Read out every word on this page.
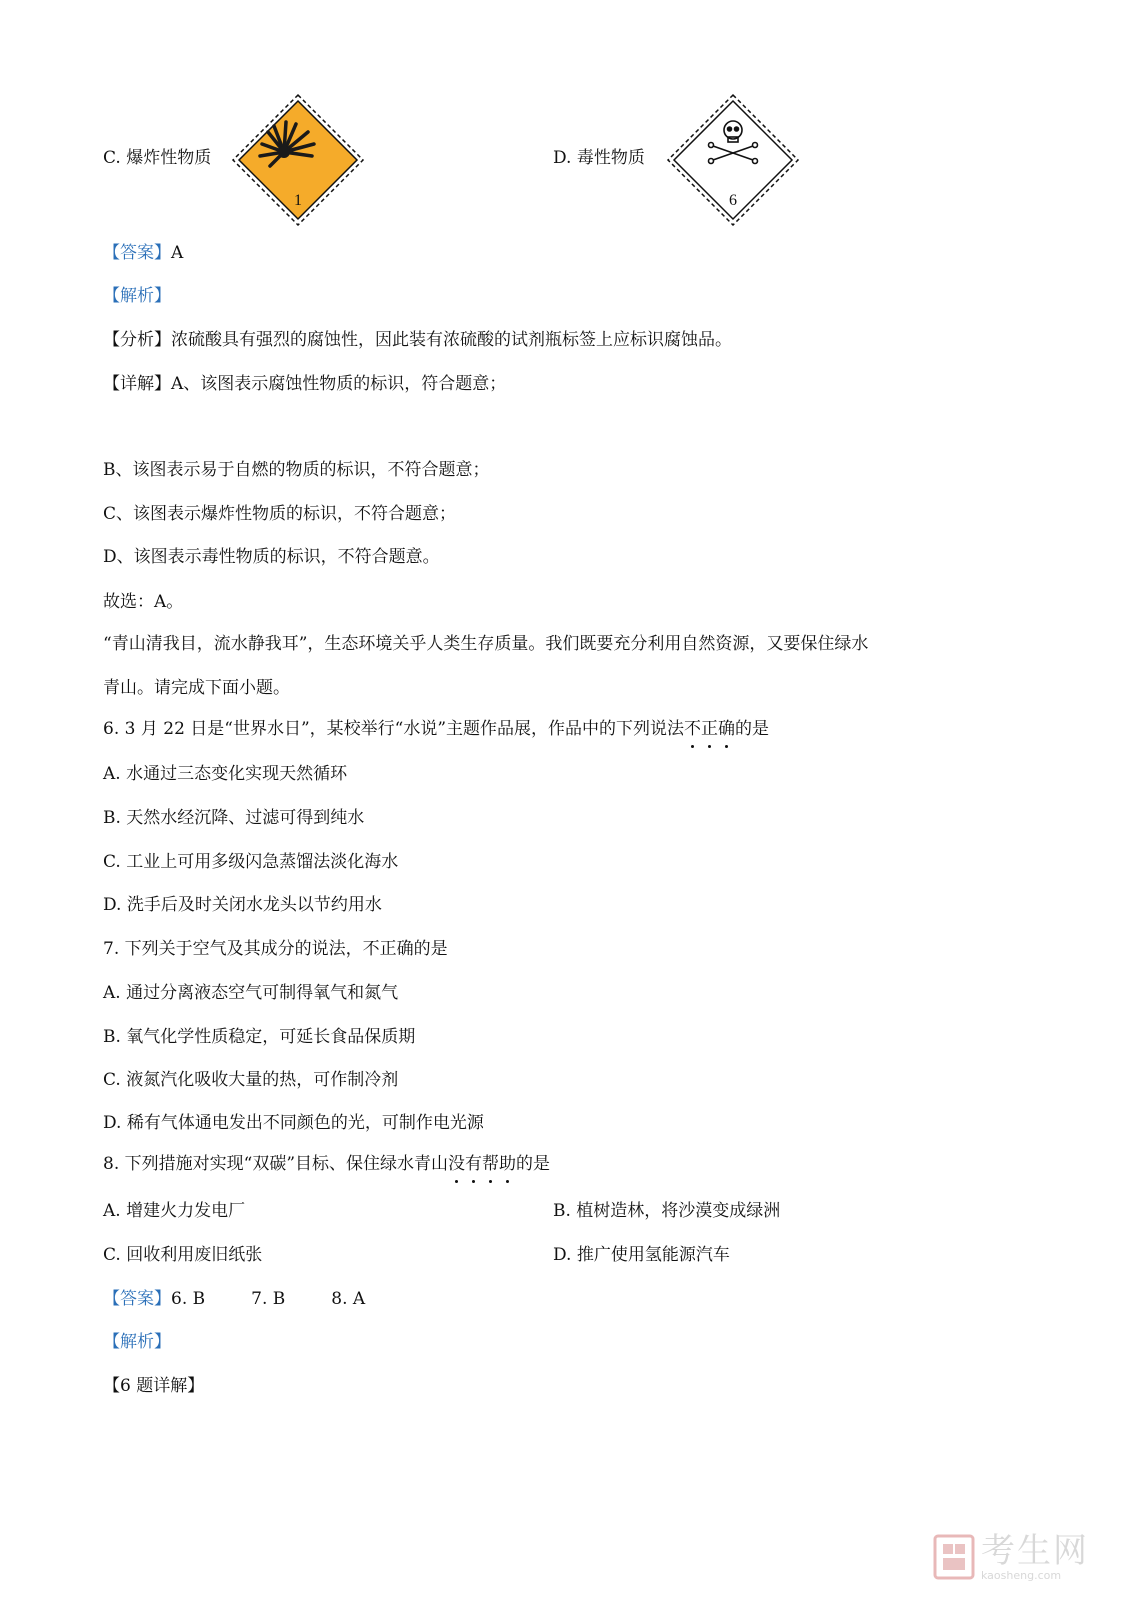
C. 爆炸性物质
1
D. 毒性物质
6
【答案】A
【解析】
【分析】浓硫酸具有强烈的腐蚀性，因此装有浓硫酸的试剂瓶标签上应标识腐蚀品。
【详解】A、该图表示腐蚀性物质的标识，符合题意；
B、该图表示易于自燃的物质的标识，不符合题意；
C、该图表示爆炸性物质的标识，不符合题意；
D、该图表示毒性物质的标识，不符合题意。
故选：A。
“青山清我目，流水静我耳”，生态环境关乎人类生存质量。我们既要充分利用自然资源，又要保住绿水
青山。请完成下面小题。
6. 3 月 22 日是“世界水日”，某校举行“水说”主题作品展，作品中的下列说法不正确的是
A. 水通过三态变化实现天然循环
B. 天然水经沉降、过滤可得到纯水
C. 工业上可用多级闪急蒸馏法淡化海水
D. 洗手后及时关闭水龙头以节约用水
7. 下列关于空气及其成分的说法，不正确的是
A. 通过分离液态空气可制得氧气和氮气
B. 氧气化学性质稳定，可延长食品保质期
C. 液氮汽化吸收大量的热，可作制冷剂
D. 稀有气体通电发出不同颜色的光，可制作电光源
8. 下列措施对实现“双碳”目标、保住绿水青山没有帮助的是
A. 增建火力发电厂	B. 植树造林，将沙漠变成绿洲
C. 回收利用废旧纸张	D. 推广使用氢能源汽车
【答案】6. B	7. B	8. A
【解析】
【6 题详解】
考生网
kaosheng.com
